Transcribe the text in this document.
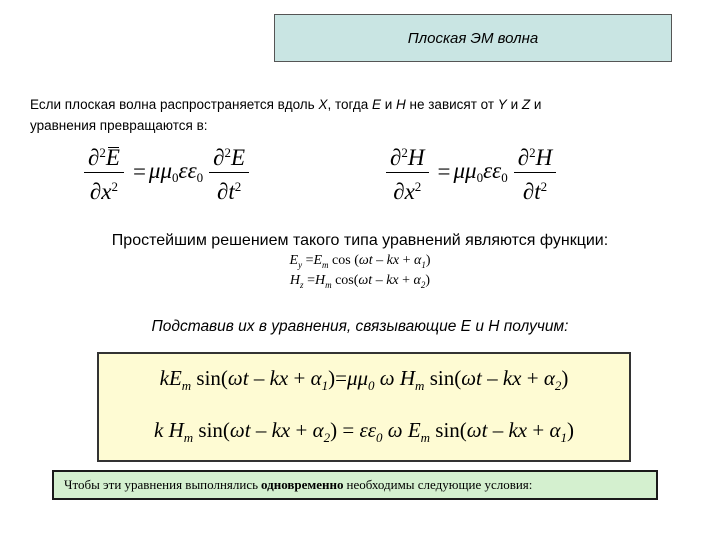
Плоская ЭМ волна
Если плоская волна распространяется вдоль X, тогда E и H не зависят от Y и Z и
уравнения превращаются в:
$\frac{\partial^2E}{\partial x^2} = \mu\mu_0\varepsilon\varepsilon_0 \frac{\partial^2E}{\partial t^2}$	$\frac{\partial^2H}{\partial x^2} = \mu\mu_0\varepsilon\varepsilon_0 \frac{\partial^2H}{\partial t^2}$
Простейшим решением такого типа уравнений являются функции:
$E_y =E_m$ cos (ωt – kx + $\alpha_1$)
$H_z =H_m$ cos(ωt – kx + $\alpha_2$)
Подставив их в уравнения, связывающие E и H получим:
$kE_m$ sin(ωt – kx + $\alpha_1)=\mu\mu_0$ ω $H_m$ sin(ωt – kx + $\alpha_2$)
k $H_m$ sin(ωt – kx + $\alpha_2) = \varepsilon\varepsilon_0$ ω $E_m$ sin(ωt – kx + $\alpha_1$)
Чтобы эти уравнения выполнялись одновременно необходимы следующие условия:
